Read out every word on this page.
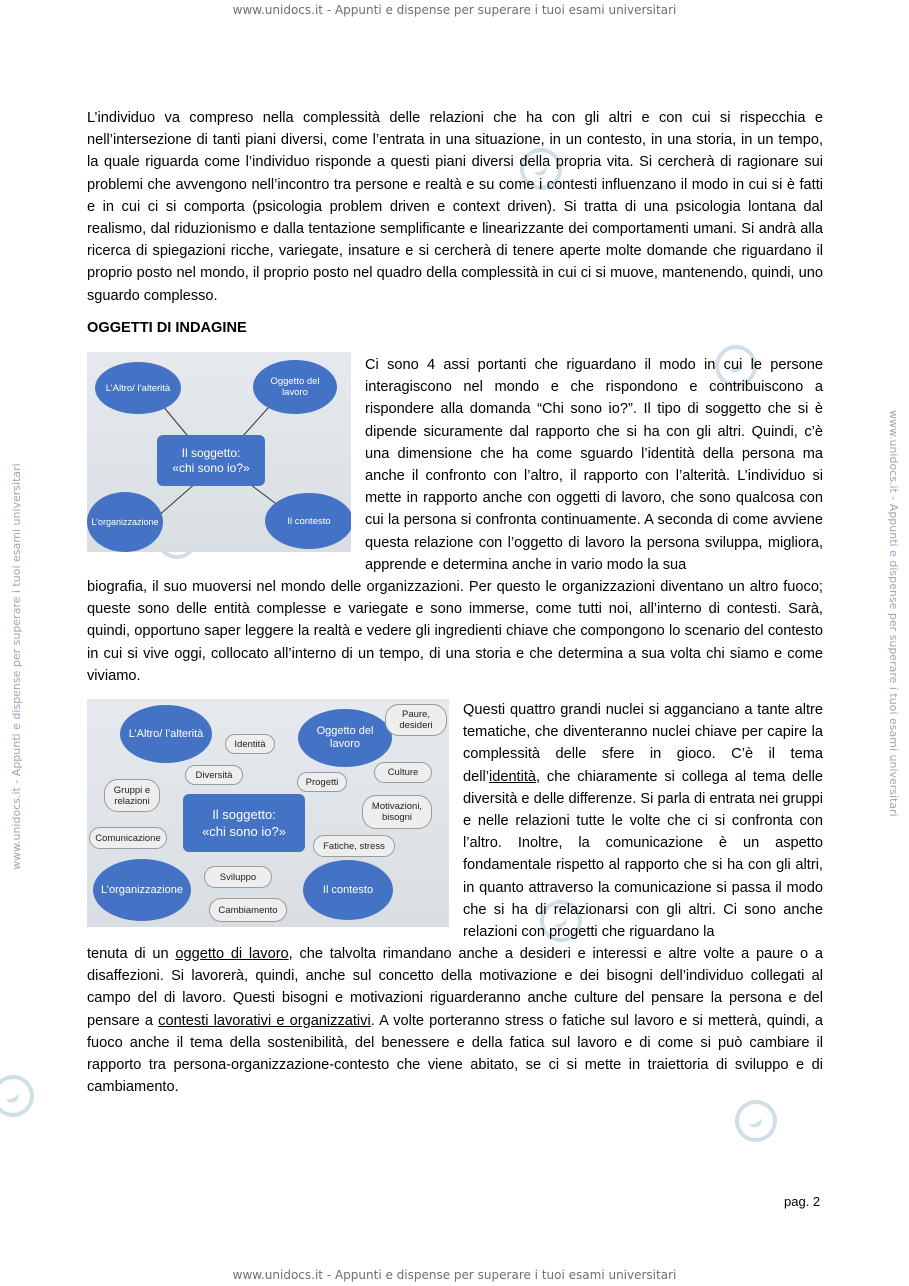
www.unidocs.it - Appunti e dispense per superare i tuoi esami universitari
www.unidocs.it - Appunti e dispense per superare i tuoi esami universitari
www.unidocs.it - Appunti e dispense per superare i tuoi esami universitari	www.unidocs.it - Appunti e dispense per superare i tuoi esami universitari

L’individuo va compreso nella complessità delle relazioni che ha con gli altri e con cui si rispecchia e nell’intersezione di tanti piani diversi, come l’entrata in una situazione, in un contesto, in una storia, in un tempo, la quale riguarda come l’individuo risponde a questi piani diversi della propria vita. Si cercherà di ragionare sui problemi che avvengono nell’incontro tra persone e realtà e su come i contesti influenzano il modo in cui si è fatti e in cui ci si comporta (psicologia problem driven e context driven). Si tratta di una psicologia lontana dal realismo, dal riduzionismo e dalla tentazione semplificante e linearizzante dei comportamenti umani. Si andrà alla ricerca di spiegazioni ricche, variegate, insature e si cercherà di tenere aperte molte domande che riguardano il proprio posto nel mondo, il proprio posto nel quadro della complessità in cui ci si muove, mantenendo, quindi, uno sguardo complesso.

OGGETTI DI INDAGINE
L’Altro/ l’alterità
Oggetto del lavoro
Il soggetto:
«chi sono io?»
L’organizzazione	Il contesto

Ci sono 4 assi portanti che riguardano il modo in cui le persone interagiscono nel mondo e che rispondono e contribuiscono a rispondere alla domanda “Chi sono io?”. Il tipo di soggetto che si è dipende sicuramente dal rapporto che si ha con gli altri. Quindi, c’è una dimensione che ha come sguardo l’identità della persona ma anche il confronto con l’altro, il rapporto con l’alterità. L’individuo si mette in rapporto anche con oggetti di lavoro, che sono qualcosa con cui la persona si confronta continuamente. A seconda di come avviene questa relazione con l’oggetto di lavoro la persona sviluppa, migliora, apprende e determina anche in vario modo la sua

biografia, il suo muoversi nel mondo delle organizzazioni. Per questo le organizzazioni diventano un altro fuoco; queste sono delle entità complesse e variegate e sono immerse, come tutti noi, all’interno di contesti. Sarà, quindi, opportuno saper leggere la realtà e vedere gli ingredienti chiave che compongono lo scenario del contesto in cui si vive oggi, collocato all’interno di un tempo, di una storia e che determina a sua volta chi siamo e come viviamo.

L’Altro/ l’alterità	Oggetto del lavoro
Paure,
desideri
Identità
Diversità
Progetti
Culture
Gruppi e
relazioni
Il soggetto:
«chi sono io?»
Motivazioni,
bisogni
Comunicazione
Fatiche, stress
L’organizzazione
Sviluppo
Il contesto
Cambiamento

Questi quattro grandi nuclei si agganciano a tante altre tematiche, che diventeranno nuclei chiave per capire la complessità delle sfere in gioco. C’è il tema dell’identità, che chiaramente si collega al tema delle diversità e delle differenze. Si parla di entrata nei gruppi e nelle relazioni tutte le volte che ci si confronta con l’altro. Inoltre, la comunicazione è un aspetto fondamentale rispetto al rapporto che si ha con gli altri, in quanto attraverso la comunicazione si passa il modo che si ha di relazionarsi con gli altri. Ci sono anche relazioni con progetti che riguardano la

tenuta di un oggetto di lavoro, che talvolta rimandano anche a desideri e interessi e altre volte a paure o a disaffezioni. Si lavorerà, quindi, anche sul concetto della motivazione e dei bisogni dell’individuo collegati al campo del di lavoro. Questi bisogni e motivazioni riguarderanno anche culture del pensare la persona e del pensare a contesti lavorativi e organizzativi. A volte porteranno stress o fatiche sul lavoro e si metterà, quindi, a fuoco anche il tema della sostenibilità, del benessere e della fatica sul lavoro e di come si può cambiare il rapporto tra persona-organizzazione-contesto che viene abitato, se ci si mette in traiettoria di sviluppo e di cambiamento.

pag. 2
